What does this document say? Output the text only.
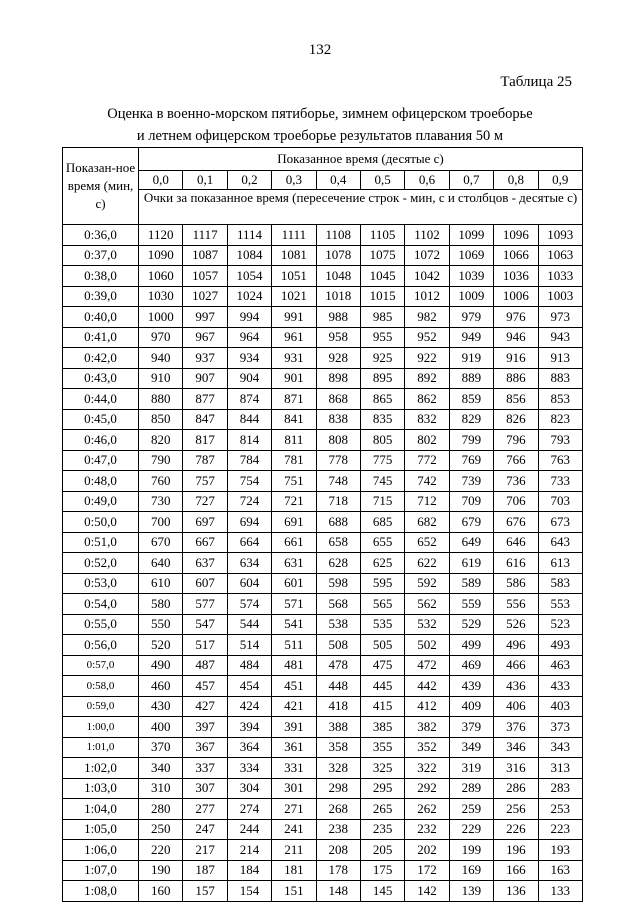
132
Таблица 25
Оценка в военно-морском пятиборье, зимнем офицерском троеборье
и летнем офицерском троеборье результатов плавания 50 м
Показан-ное время (мин, с)	Показанное время (десятые с)									
	0,0	0,1	0,2	0,3	0,4	0,5	0,6	0,7	0,8	0,9
	Очки за показанное время (пересечение строк - мин, с и столбцов - десятые с)									
0:36,0	1120	1117	1114	1111	1108	1105	1102	1099	1096	1093
0:37,0	1090	1087	1084	1081	1078	1075	1072	1069	1066	1063
0:38,0	1060	1057	1054	1051	1048	1045	1042	1039	1036	1033
0:39,0	1030	1027	1024	1021	1018	1015	1012	1009	1006	1003
0:40,0	1000	997	994	991	988	985	982	979	976	973
0:41,0	970	967	964	961	958	955	952	949	946	943
0:42,0	940	937	934	931	928	925	922	919	916	913
0:43,0	910	907	904	901	898	895	892	889	886	883
0:44,0	880	877	874	871	868	865	862	859	856	853
0:45,0	850	847	844	841	838	835	832	829	826	823
0:46,0	820	817	814	811	808	805	802	799	796	793
0:47,0	790	787	784	781	778	775	772	769	766	763
0:48,0	760	757	754	751	748	745	742	739	736	733
0:49,0	730	727	724	721	718	715	712	709	706	703
0:50,0	700	697	694	691	688	685	682	679	676	673
0:51,0	670	667	664	661	658	655	652	649	646	643
0:52,0	640	637	634	631	628	625	622	619	616	613
0:53,0	610	607	604	601	598	595	592	589	586	583
0:54,0	580	577	574	571	568	565	562	559	556	553
0:55,0	550	547	544	541	538	535	532	529	526	523
0:56,0	520	517	514	511	508	505	502	499	496	493
0:57,0	490	487	484	481	478	475	472	469	466	463
0:58,0	460	457	454	451	448	445	442	439	436	433
0:59,0	430	427	424	421	418	415	412	409	406	403
1:00,0	400	397	394	391	388	385	382	379	376	373
1:01,0	370	367	364	361	358	355	352	349	346	343
1:02,0	340	337	334	331	328	325	322	319	316	313
1:03,0	310	307	304	301	298	295	292	289	286	283
1:04,0	280	277	274	271	268	265	262	259	256	253
1:05,0	250	247	244	241	238	235	232	229	226	223
1:06,0	220	217	214	211	208	205	202	199	196	193
1:07,0	190	187	184	181	178	175	172	169	166	163
1:08,0	160	157	154	151	148	145	142	139	136	133
